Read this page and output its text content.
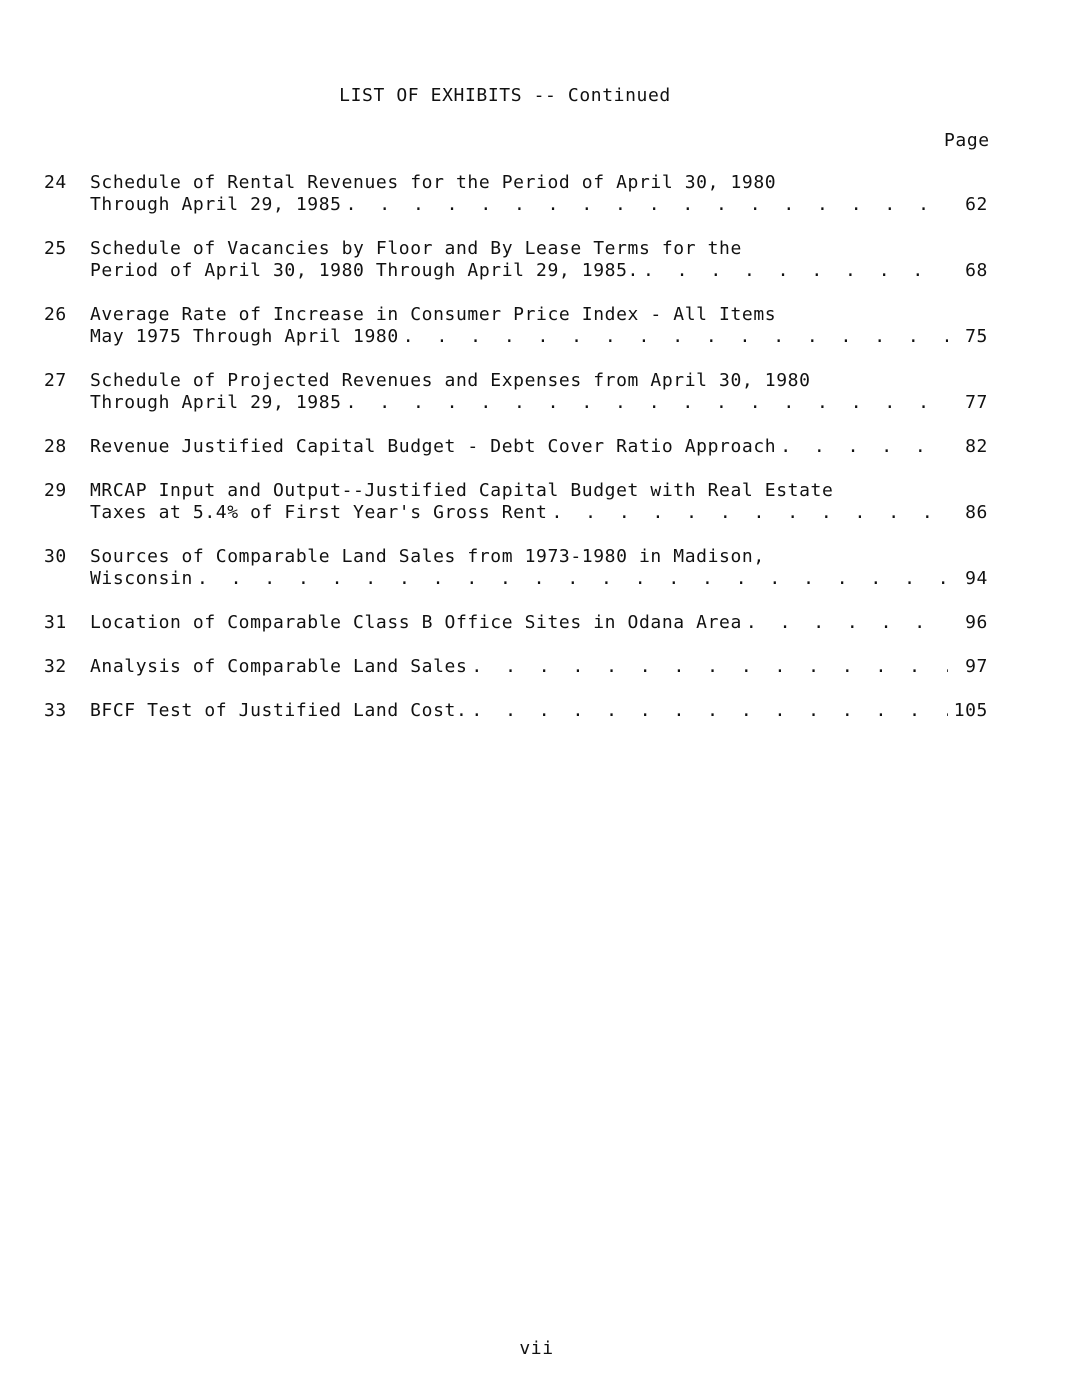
LIST OF EXHIBITS -- Continued
Page
24	Schedule of Rental Revenues for the Period of April 30, 1980
Through April 29, 1985 . . .	62
25	Schedule of Vacancies by Floor and By Lease Terms for the
Period of April 30, 1980 Through April 29, 1985. . . .	68
26	Average Rate of Increase in Consumer Price Index - All Items
May 1975 Through April 1980 . . .	75
27	Schedule of Projected Revenues and Expenses from April 30, 1980
Through April 29, 1985 . . .	77
28	Revenue Justified Capital Budget - Debt Cover Ratio Approach . . .	82
29	MRCAP Input and Output--Justified Capital Budget with Real Estate
Taxes at 5.4% of First Year's Gross Rent . . .	86
30	Sources of Comparable Land Sales from 1973-1980 in Madison,
Wisconsin . . .	94
31	Location of Comparable Class B Office Sites in Odana Area . . .	96
32	Analysis of Comparable Land Sales . . .	97
33	BFCF Test of Justified Land Cost. . . .	105
vii
